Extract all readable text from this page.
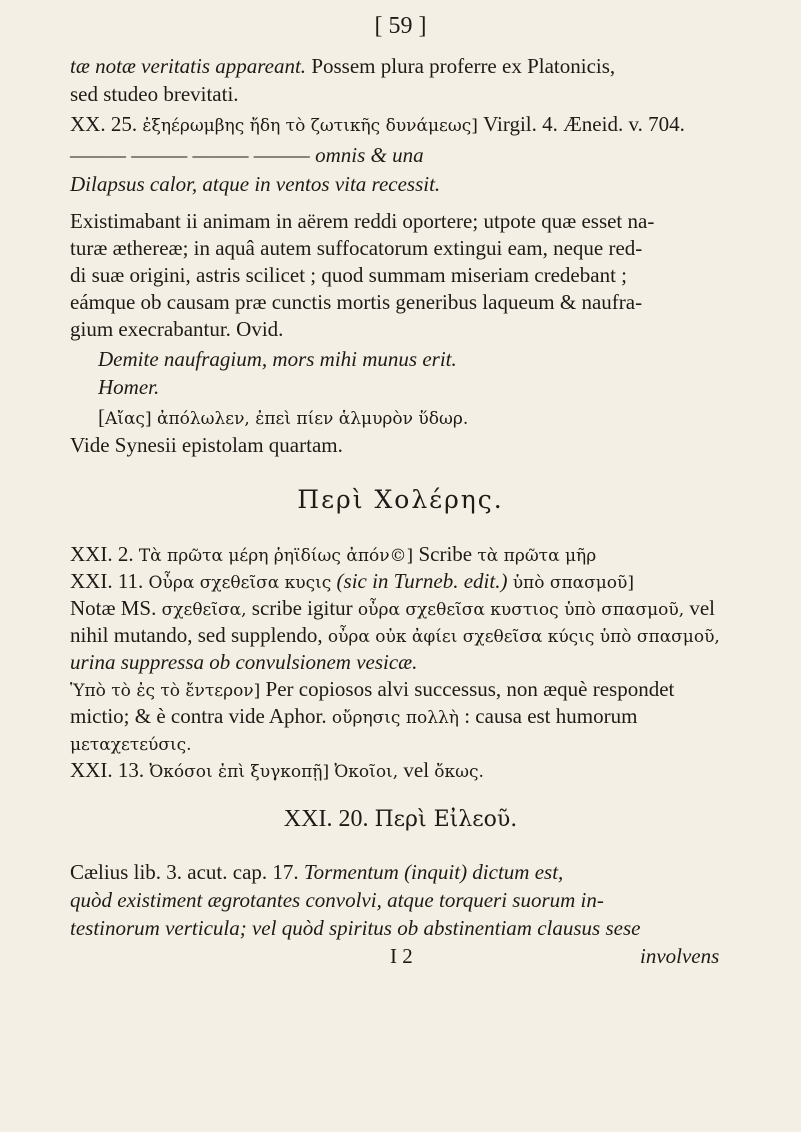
[ 59 ]
tæ notæ veritatis appareant. Possem plura proferre ex Platonicis,
sed studeo brevitati.
XX. 25. ἐξηέρωμβης ἤδη τὸ ζωτικῆς δυνάμεως] Virgil. 4. Æneid. v. 704.
——— ——— ——— ——— omnis & una
Dilapsus calor, atque in ventos vita recessit.
Existimabant ii animam in aërem reddi oportere; utpote quæ esset na-
turæ æthereæ; in aquâ autem suffocatorum extingui eam, neque red-
di suæ origini, astris scilicet ; quod summam miseriam credebant ;
eámque ob causam præ cunctis mortis generibus laqueum & naufra-
gium execrabantur. Ovid.
Demite naufragium, mors mihi munus erit.
Homer.
[Αἴας] ἀπόλωλεν, ἐπεὶ πίεν ἁλμυρὸν ὕδωρ.
Vide Synesii epistolam quartam.
Περὶ Χολέρης.
XXI. 2. Τὰ πρῶτα μέρη ῥηϊδίως ἀπόν©] Scribe τὰ πρῶτα μῆρ
XXI. 11. Οὖρα σχεθεῖσα κυςις (sic in Turneb. edit.) ὑπὸ σπασμοῦ]
Notæ MS. σχεθεῖσα, scribe igitur οὖρα σχεθεῖσα κυστιος ὑπὸ σπασμοῦ, vel
nihil mutando, sed supplendo, οὖρα οὐκ ἀφίει σχεθεῖσα κύςις ὑπὸ σπασμοῦ,
urina suppressa ob convulsionem vesicæ.
Ὑπὸ τὸ ἐς τὸ ἔντερον] Per copiosos alvi successus, non æquè respondet
mictio; & è contra vide Aphor. οὔρησις πολλὴ : causa est humorum
μεταχετεύσις.
XXI. 13. Ὀκόσοι ἐπὶ ξυγκοπῇ] Ὀκοῖοι, vel ὄκως.
XXI. 20. Περὶ Εἰλεοῦ.
Cælius lib. 3. acut. cap. 17. Tormentum (inquit) dictum est,
quòd existiment ægrotantes convolvi, atque torqueri suorum in-
testinorum verticula; vel quòd spiritus ob abstinentiam clausus sese
I 2	involvens
